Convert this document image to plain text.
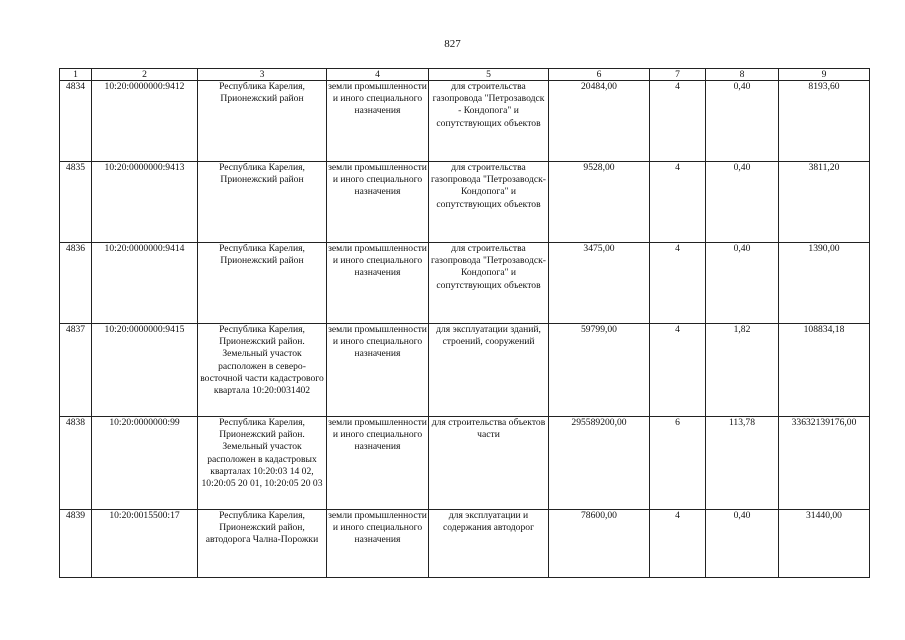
827
1	2	3	4	5	6	7	8	9
4834	10:20:0000000:9412	Республика Карелия, Прионежский район	земли промышленности и иного специального назначения	для строительства газопровода "Петрозаводск - Кондопога" и сопутствующих объектов	20484,00	4	0,40	8193,60
4835	10:20:0000000:9413	Республика Карелия, Прионежский район	земли промышленности и иного специального назначения	для строительства газопровода "Петрозаводск-Кондопога" и сопутствующих объектов	9528,00	4	0,40	3811,20
4836	10:20:0000000:9414	Республика Карелия, Прионежский район	земли промышленности и иного специального назначения	для строительства газопровода "Петрозаводск-Кондопога" и сопутствующих объектов	3475,00	4	0,40	1390,00
4837	10:20:0000000:9415	Республика Карелия, Прионежский район. Земельный участок расположен в северо-восточной части кадастрового квартала 10:20:0031402	земли промышленности и иного специального назначения	для эксплуатации зданий, строений, сооружений	59799,00	4	1,82	108834,18
4838	10:20:0000000:99	Республика Карелия, Прионежский район. Земельный участок расположен в кадастровых кварталах 10:20:03 14 02, 10:20:05 20 01, 10:20:05 20 03	земли промышленности и иного специального назначения	для строительства объектов части	295589200,00	6	113,78	33632139176,00
4839	10:20:0015500:17	Республика Карелия, Прионежский район, автодорога Чална-Порожки	земли промышленности и иного специального назначения	для эксплуатации и содержания автодорог	78600,00	4	0,40	31440,00
